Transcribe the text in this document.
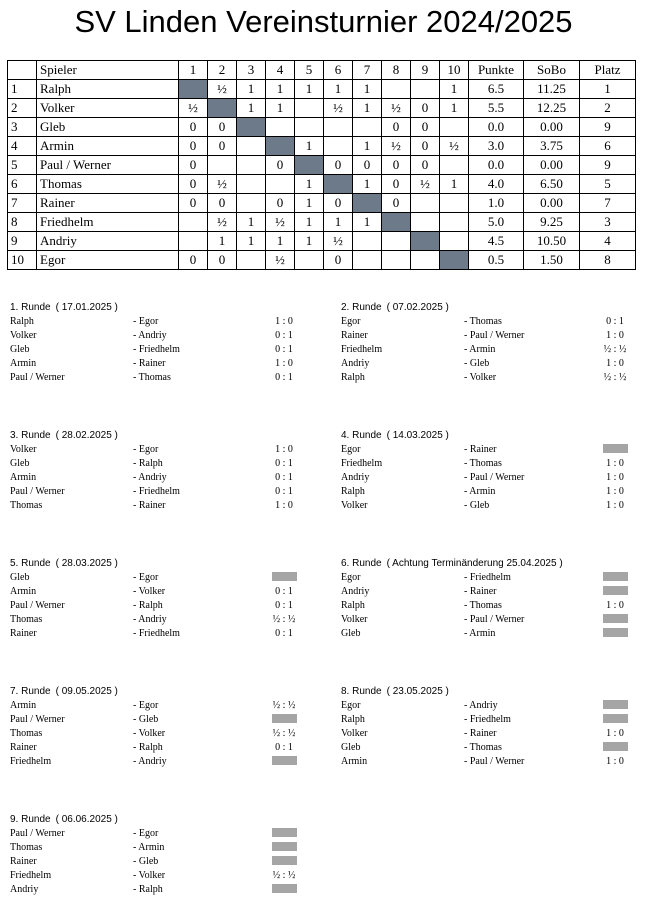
SV Linden Vereinsturnier 2024/2025
	Spieler	1	2	3	4	5	6	7	8	9	10	Punkte	SoBo	Platz
1	Ralph		½	1	1	1	1	1			1	6.5	11.25	1
2	Volker	½		1	1		½	1	½	0	1	5.5	12.25	2
3	Gleb	0	0						0	0		0.0	0.00	9
4	Armin	0	0			1		1	½	0	½	3.0	3.75	6
5	Paul / Werner	0			0		0	0	0	0		0.0	0.00	9
6	Thomas	0	½			1		1	0	½	1	4.0	6.50	5
7	Rainer	0	0		0	1	0		0			1.0	0.00	7
8	Friedhelm		½	1	½	1	1	1				5.0	9.25	3
9	Andriy		1	1	1	1	½					4.5	10.50	4
10	Egor	0	0		½		0					0.5	1.50	8
1. Runde ( 17.01.2025 )
Ralph	- Egor	1 : 0
Volker	- Andriy	0 : 1
Gleb	- Friedhelm	0 : 1
Armin	- Rainer	1 : 0
Paul / Werner	- Thomas	0 : 1
2. Runde ( 07.02.2025 )
Egor	- Thomas	0 : 1
Rainer	- Paul / Werner	1 : 0
Friedhelm	- Armin	½ : ½
Andriy	- Gleb	1 : 0
Ralph	- Volker	½ : ½
3. Runde ( 28.02.2025 )
Volker	- Egor	1 : 0
Gleb	- Ralph	0 : 1
Armin	- Andriy	0 : 1
Paul / Werner	- Friedhelm	0 : 1
Thomas	- Rainer	1 : 0
4. Runde ( 14.03.2025 )
Egor	- Rainer
Friedhelm	- Thomas	1 : 0
Andriy	- Paul / Werner	1 : 0
Ralph	- Armin	1 : 0
Volker	- Gleb	1 : 0
5. Runde ( 28.03.2025 )
Gleb	- Egor
Armin	- Volker	0 : 1
Paul / Werner	- Ralph	0 : 1
Thomas	- Andriy	½ : ½
Rainer	- Friedhelm	0 : 1
6. Runde ( Achtung Terminänderung 25.04.2025 )
Egor	- Friedhelm
Andriy	- Rainer
Ralph	- Thomas	1 : 0
Volker	- Paul / Werner
Gleb	- Armin
7. Runde ( 09.05.2025 )
Armin	- Egor	½ : ½
Paul / Werner	- Gleb
Thomas	- Volker	½ : ½
Rainer	- Ralph	0 : 1
Friedhelm	- Andriy
8. Runde ( 23.05.2025 )
Egor	- Andriy
Ralph	- Friedhelm
Volker	- Rainer	1 : 0
Gleb	- Thomas
Armin	- Paul / Werner	1 : 0
9. Runde ( 06.06.2025 )
Paul / Werner	- Egor
Thomas	- Armin
Rainer	- Gleb
Friedhelm	- Volker	½ : ½
Andriy	- Ralph
